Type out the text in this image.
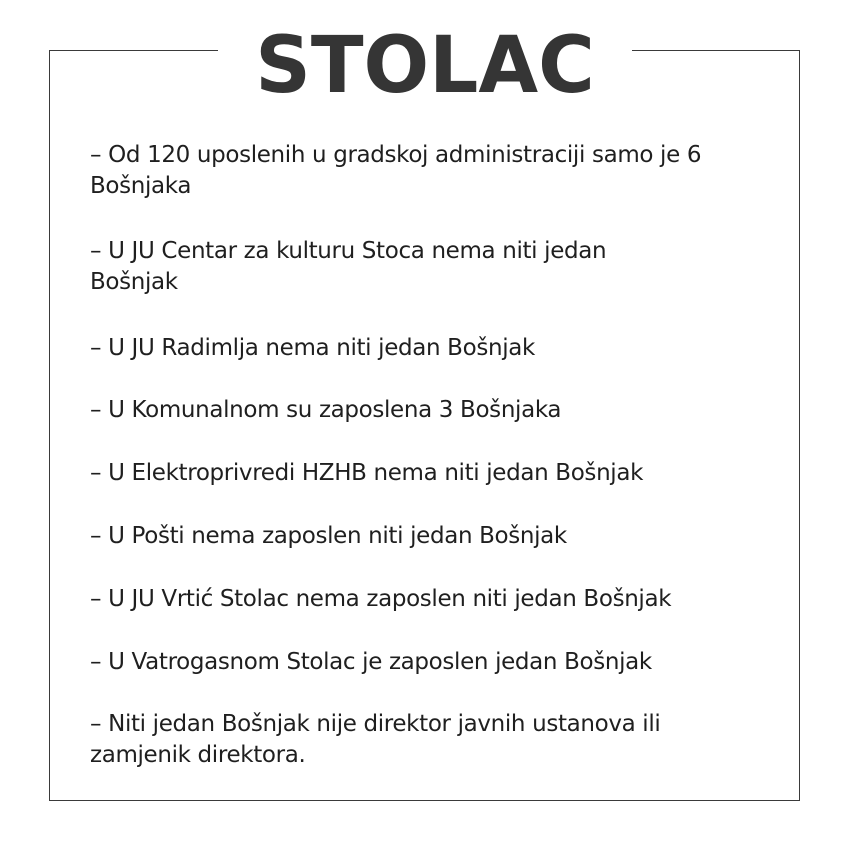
STOLAC
– Od 120 uposlenih u gradskoj administraciji samo je 6 Bošnjaka
– U JU Centar za kulturu Stoca nema niti jedan Bošnjak
– U JU Radimlja nema niti jedan Bošnjak
– U Komunalnom su zaposlena 3 Bošnjaka
– U Elektroprivredi HZHB nema niti jedan Bošnjak
– U Pošti nema zaposlen niti jedan Bošnjak
– U JU Vrtić Stolac nema zaposlen niti jedan Bošnjak
– U Vatrogasnom Stolac je zaposlen jedan Bošnjak
– Niti jedan Bošnjak nije direktor javnih ustanova ili zamjenik direktora.
